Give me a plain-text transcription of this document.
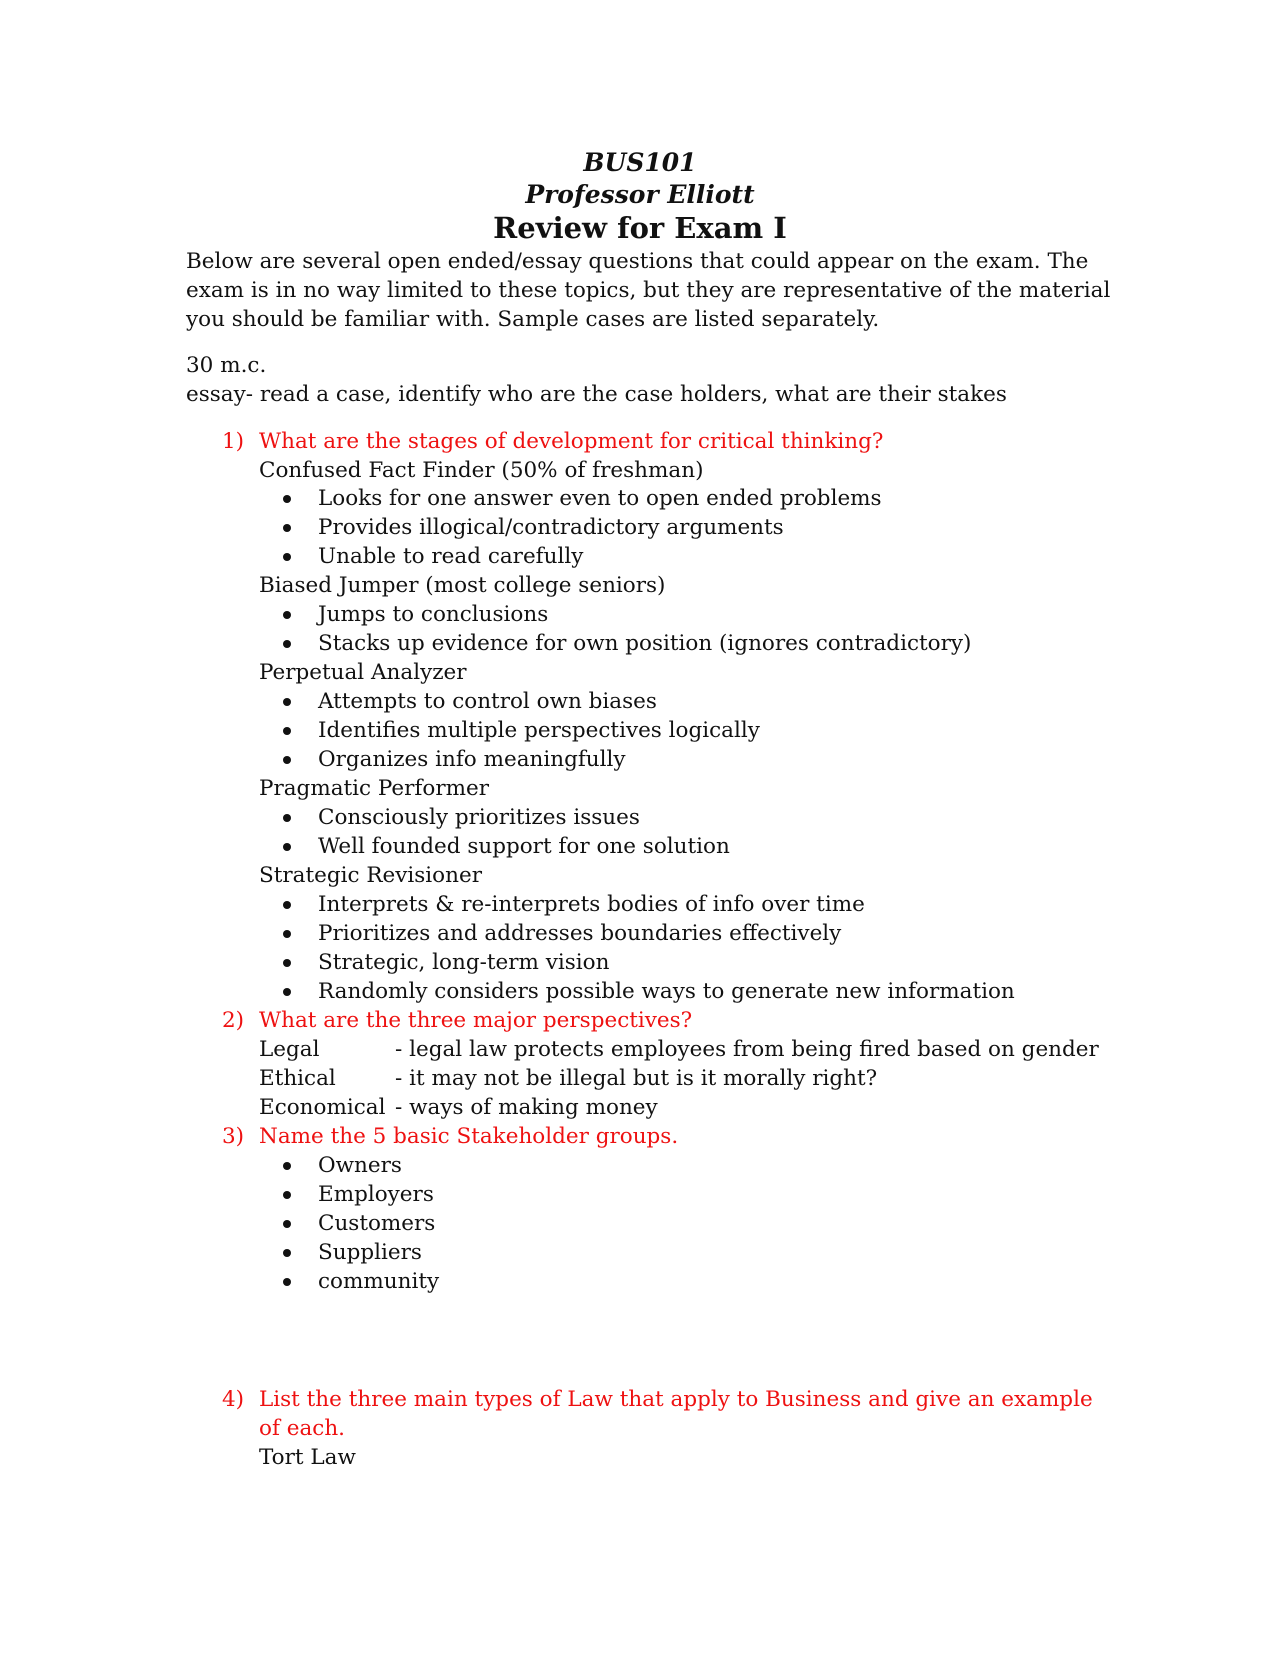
BUS101
Professor Elliott
Review for Exam I
Below are several open ended/essay questions that could appear on the exam. The
exam is in no way limited to these topics, but they are representative of the material
you should be familiar with. Sample cases are listed separately.
30 m.c.
essay- read a case, identify who are the case holders, what are their stakes
1) What are the stages of development for critical thinking?
Confused Fact Finder (50% of freshman)
Looks for one answer even to open ended problems
Provides illogical/contradictory arguments
Unable to read carefully
Biased Jumper (most college seniors)
Jumps to conclusions
Stacks up evidence for own position (ignores contradictory)
Perpetual Analyzer
Attempts to control own biases
Identifies multiple perspectives logically
Organizes info meaningfully
Pragmatic Performer
Consciously prioritizes issues
Well founded support for one solution
Strategic Revisioner
Interprets & re-interprets bodies of info over time
Prioritizes and addresses boundaries effectively
Strategic, long-term vision
Randomly considers possible ways to generate new information
2) What are the three major perspectives?
Legal	- legal law protects employees from being fired based on gender
Ethical	- it may not be illegal but is it morally right?
Economical - ways of making money
3) Name the 5 basic Stakeholder groups.
Owners
Employers
Customers
Suppliers
community
4) List the three main types of Law that apply to Business and give an example
of each.
Tort Law
